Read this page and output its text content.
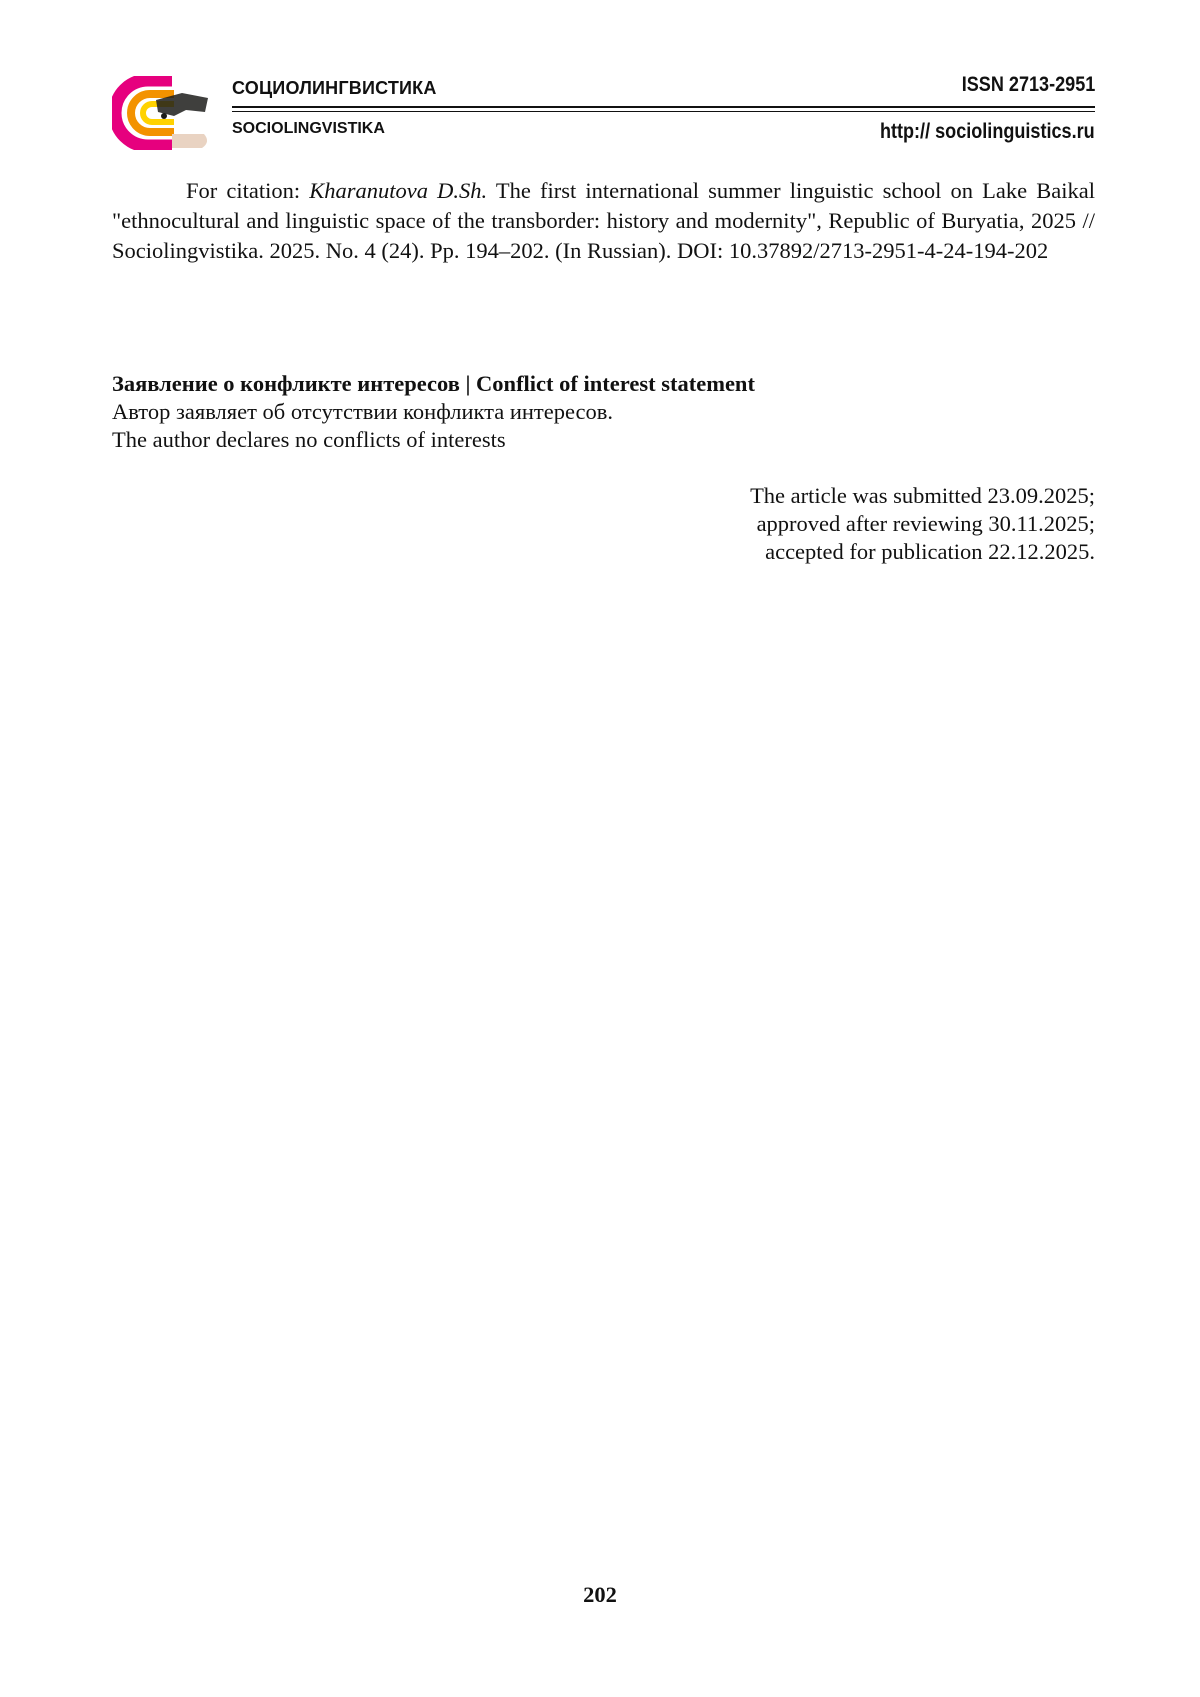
СОЦИОЛИНГВИСТИКА
SOCIOLINGVISTIKA
ISSN 2713-2951
http:// sociolinguistics.ru

For citation: Kharanutova D.Sh. The first international summer linguistic school on Lake Baikal "ethnocultural and linguistic space of the transborder: history and modernity", Republic of Buryatia, 2025 // Sociolingvistika. 2025. No. 4 (24). Pp. 194–202. (In Russian). DOI: 10.37892/2713-2951-4-24-194-202

Заявление о конфликте интересов | Conflict of interest statement
Автор заявляет об отсутствии конфликта интересов.
The author declares no conflicts of interests
The article was submitted 23.09.2025;
approved after reviewing 30.11.2025;
accepted for publication 22.12.2025.
202
